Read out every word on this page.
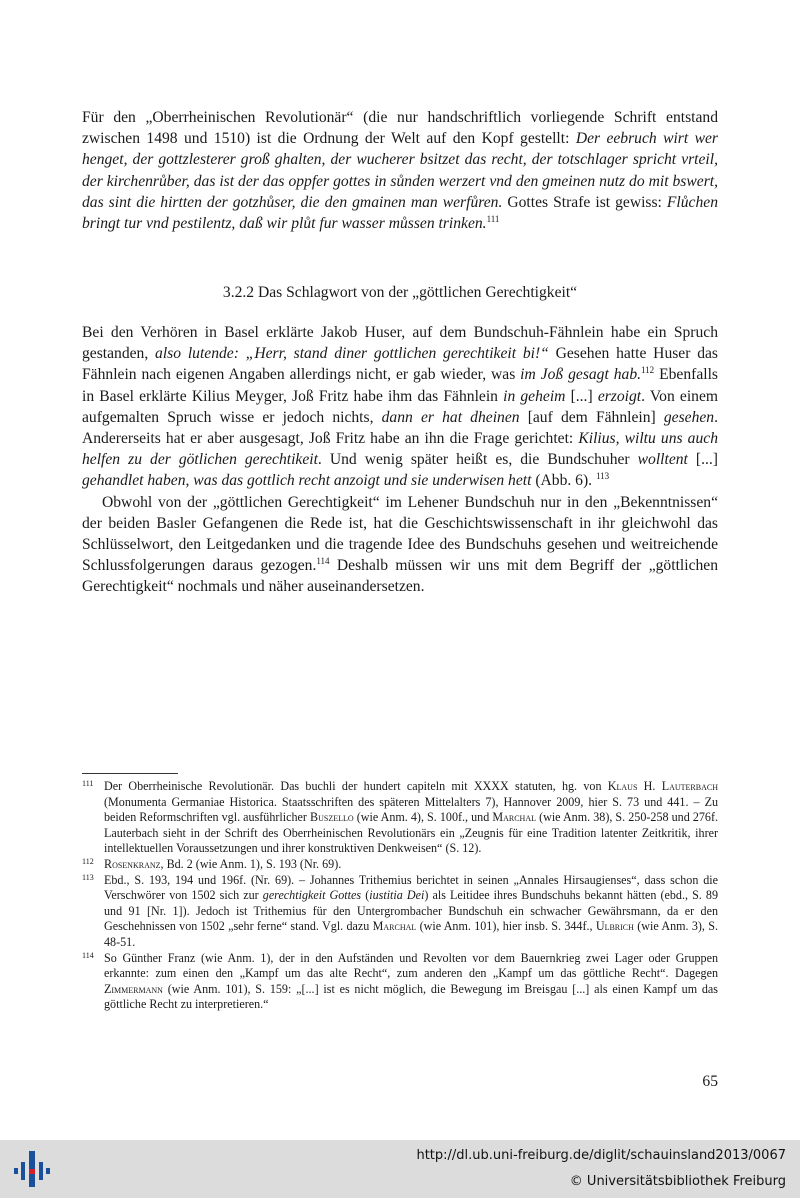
Für den „Oberrheinischen Revolutionär“ (die nur handschriftlich vorliegende Schrift entstand zwischen 1498 und 1510) ist die Ordnung der Welt auf den Kopf gestellt: Der eebruch wirt wer henget, der gottzlesterer groß ghalten, der wucherer bsitzet das recht, der totschlager spricht vrteil, der kirchenrůber, das ist der das oppfer gottes in sůnden werzert vnd den gmeinen nutz do mit bswert, das sint die hirtten der gotzhůser, die den gmainen man werfůren. Gottes Strafe ist gewiss: Flůchen bringt tur vnd pestilentz, daß wir plůt fur wasser můssen trinken.$^{111}$

3.2.2 Das Schlagwort von der „göttlichen Gerechtigkeit“

Bei den Verhören in Basel erklärte Jakob Huser, auf dem Bundschuh-Fähnlein habe ein Spruch gestanden, also lutende: „Herr, stand diner gottlichen gerechtikeit bi!“ Gesehen hatte Huser das Fähnlein nach eigenen Angaben allerdings nicht, er gab wieder, was im Joß gesagt hab.$^{112}$ Ebenfalls in Basel erklärte Kilius Meyger, Joß Fritz habe ihm das Fähnlein in geheim [...] erzoigt. Von einem aufgemalten Spruch wisse er jedoch nichts, dann er hat dheinen [auf dem Fähnlein] gesehen. Andererseits hat er aber ausgesagt, Joß Fritz habe an ihn die Frage gerichtet: Kilius, wiltu uns auch helfen zu der götlichen gerechtikeit. Und wenig später heißt es, die Bundschuher wolltent [...] gehandlet haben, was das gottlich recht anzoigt und sie underwisen hett (Abb. 6). $^{113}$

Obwohl von der „göttlichen Gerechtigkeit“ im Lehener Bundschuh nur in den „Bekenntnissen“ der beiden Basler Gefangenen die Rede ist, hat die Geschichtswissenschaft in ihr gleichwohl das Schlüsselwort, den Leitgedanken und die tragende Idee des Bundschuhs gesehen und weitreichende Schlussfolgerungen daraus gezogen.$^{114}$ Deshalb müssen wir uns mit dem Begriff der „göttlichen Gerechtigkeit“ nochmals und näher auseinandersetzen.

111 Der Oberrheinische Revolutionär. Das buchli der hundert capiteln mit XXXX statuten, hg. von Klaus H. Lauterbach (Monumenta Germaniae Historica. Staatsschriften des späteren Mittelalters 7), Hannover 2009, hier S. 73 und 441. – Zu beiden Reformschriften vgl. ausführlicher Buszello (wie Anm. 4), S. 100f., und Marchal (wie Anm. 38), S. 250-258 und 276f. Lauterbach sieht in der Schrift des Oberrheinischen Revolutionärs ein „Zeugnis für eine Tradition latenter Zeitkritik, ihrer intellektuellen Voraussetzungen und ihrer konstruktiven Denkweisen“ (S. 12).

112 Rosenkranz, Bd. 2 (wie Anm. 1), S. 193 (Nr. 69).

113 Ebd., S. 193, 194 und 196f. (Nr. 69). – Johannes Trithemius berichtet in seinen „Annales Hirsaugienses“, dass schon die Verschwörer von 1502 sich zur gerechtigkeit Gottes (iustitia Dei) als Leitidee ihres Bundschuhs bekannt hätten (ebd., S. 89 und 91 [Nr. 1]). Jedoch ist Trithemius für den Untergrombacher Bundschuh ein schwacher Gewährsmann, da er den Geschehnissen von 1502 „sehr ferne“ stand. Vgl. dazu Marchal (wie Anm. 101), hier insb. S. 344f., Ulbrich (wie Anm. 3), S. 48-51.

114 So Günther Franz (wie Anm. 1), der in den Aufständen und Revolten vor dem Bauernkrieg zwei Lager oder Gruppen erkannte: zum einen den „Kampf um das alte Recht“, zum anderen den „Kampf um das göttliche Recht“. Dagegen Zimmermann (wie Anm. 101), S. 159: „[...] ist es nicht möglich, die Bewegung im Breisgau [...] als einen Kampf um das göttliche Recht zu interpretieren.“

65
http://dl.ub.uni-freiburg.de/diglit/schauinsland2013/0067
© Universitätsbibliothek Freiburg
